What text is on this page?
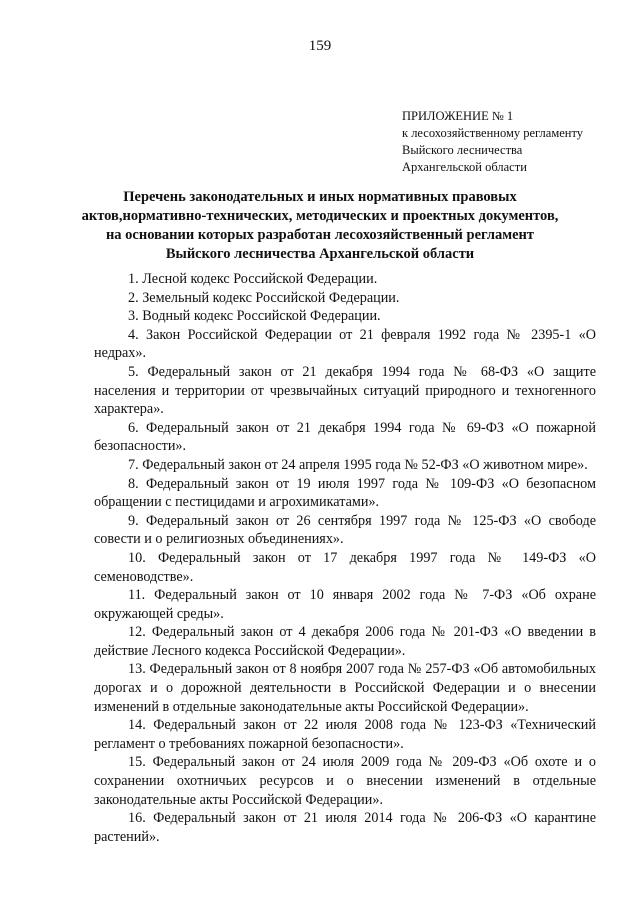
159
ПРИЛОЖЕНИЕ № 1
к лесохозяйственному регламенту
Выйского лесничества
Архангельской области
Перечень законодательных и иных нормативных правовых
актов,нормативно-технических, методических и проектных документов,
на основании которых разработан лесохозяйственный регламент
Выйского лесничества Архангельской области
1. Лесной кодекс Российской Федерации.
2. Земельный кодекс Российской Федерации.
3. Водный кодекс Российской Федерации.
4. Закон Российской Федерации от 21 февраля 1992 года № 2395-1 «О недрах».
5. Федеральный закон от 21 декабря 1994 года № 68-ФЗ «О защите населения и территории от чрезвычайных ситуаций природного и техногенного характера».
6. Федеральный закон от 21 декабря 1994 года № 69-ФЗ «О пожарной безопасности».
7. Федеральный закон от 24 апреля 1995 года № 52-ФЗ «О животном мире».
8. Федеральный закон от 19 июля 1997 года № 109-ФЗ «О безопасном обращении с пестицидами и агрохимикатами».
9. Федеральный закон от 26 сентября 1997 года № 125-ФЗ «О свободе совести и о религиозных объединениях».
10. Федеральный закон от 17 декабря 1997 года № 149-ФЗ «О семеноводстве».
11. Федеральный закон от 10 января 2002 года № 7-ФЗ «Об охране окружающей среды».
12. Федеральный закон от 4 декабря 2006 года № 201-ФЗ «О введении в действие Лесного кодекса Российской Федерации».
13. Федеральный закон от 8 ноября 2007 года № 257-ФЗ «Об автомобильных дорогах и о дорожной деятельности в Российской Федерации и о внесении изменений в отдельные законодательные акты Российской Федерации».
14. Федеральный закон от 22 июля 2008 года № 123-ФЗ «Технический регламент о требованиях пожарной безопасности».
15. Федеральный закон от 24 июля 2009 года № 209-ФЗ «Об охоте и о сохранении охотничьих ресурсов и о внесении изменений в отдельные законодательные акты Российской Федерации».
16. Федеральный закон от 21 июля 2014 года № 206-ФЗ «О карантине растений».
